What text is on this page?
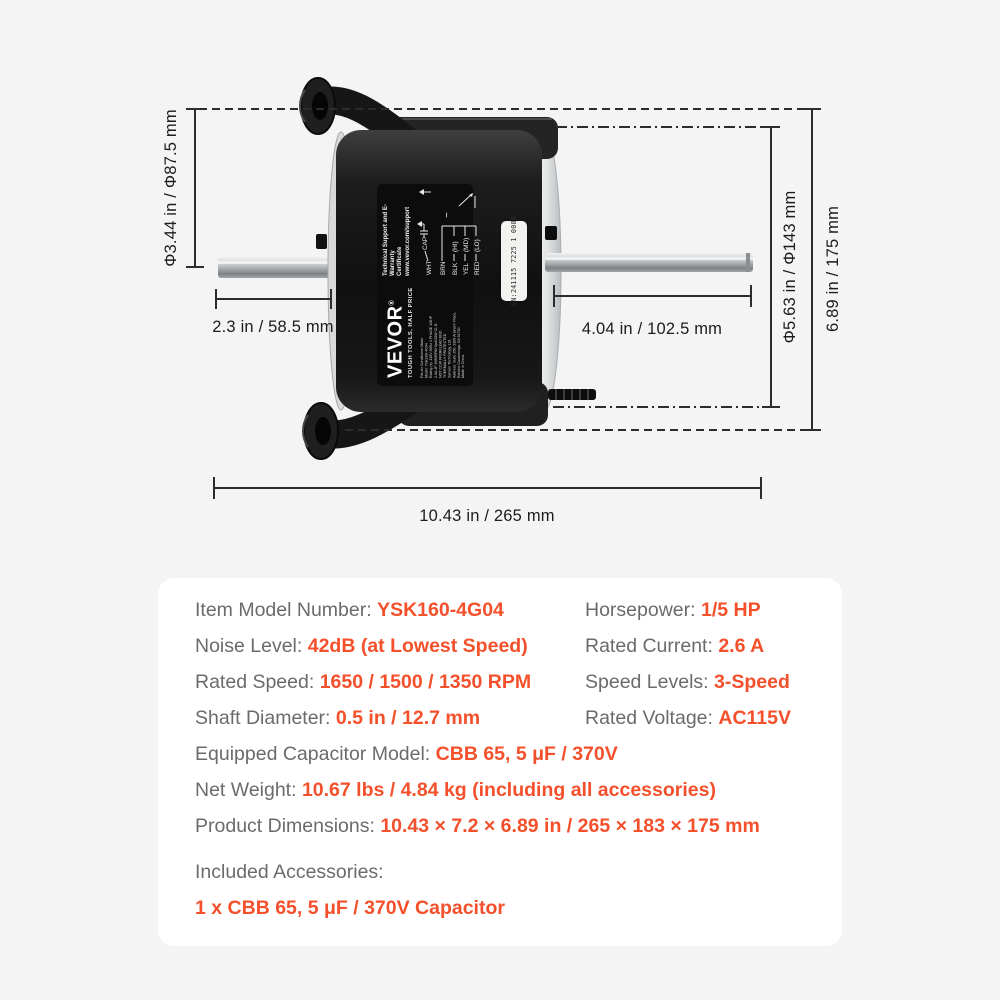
VEVOR®	TOUGH TOOLS, HALF PRICE
Technical Support and E-Warranty Certificate www.vevor.com/support
Fits Air Conditioner Motor Model: YSK160-4G04 Rating (s): 115V 60Hz 1 PHASE 1/5HP 2.6A 4P 1650RPM Spd/3SW CL B NOT CCW FROM LEAD END THERMALLY PROTECTED Sanven Technology, Ltd. Address: Suite 250, 9166 Anaheim Place, Rancho Cucamonga, CA 91730 Made in China
WHT
CAP
BRN BLK
(HI)
YEL
(MD)
RED
(LO)
~
SN:241115 7225 1 0088
Φ3.44 in / Φ87.5 mm
Φ5.63 in / Φ143 mm 6.89 in / 175 mm
2.3 in / 58.5 mm	4.04 in / 102.5 mm
10.43 in / 265 mm
Item Model Number: YSK160-4G04
Noise Level: 42dB (at Lowest Speed)
Rated Speed: 1650 / 1500 / 1350 RPM
Shaft Diameter: 0.5 in / 12.7 mm
Horsepower: 1/5 HP
Rated Current: 2.6 A
Speed Levels: 3-Speed
Rated Voltage: AC115V
Equipped Capacitor Model: CBB 65, 5 μF / 370V
Net Weight: 10.67 lbs / 4.84 kg (including all accessories)
Product Dimensions: 10.43 × 7.2 × 6.89 in / 265 × 183 × 175 mm
Included Accessories:
1 x CBB 65, 5 μF / 370V Capacitor
